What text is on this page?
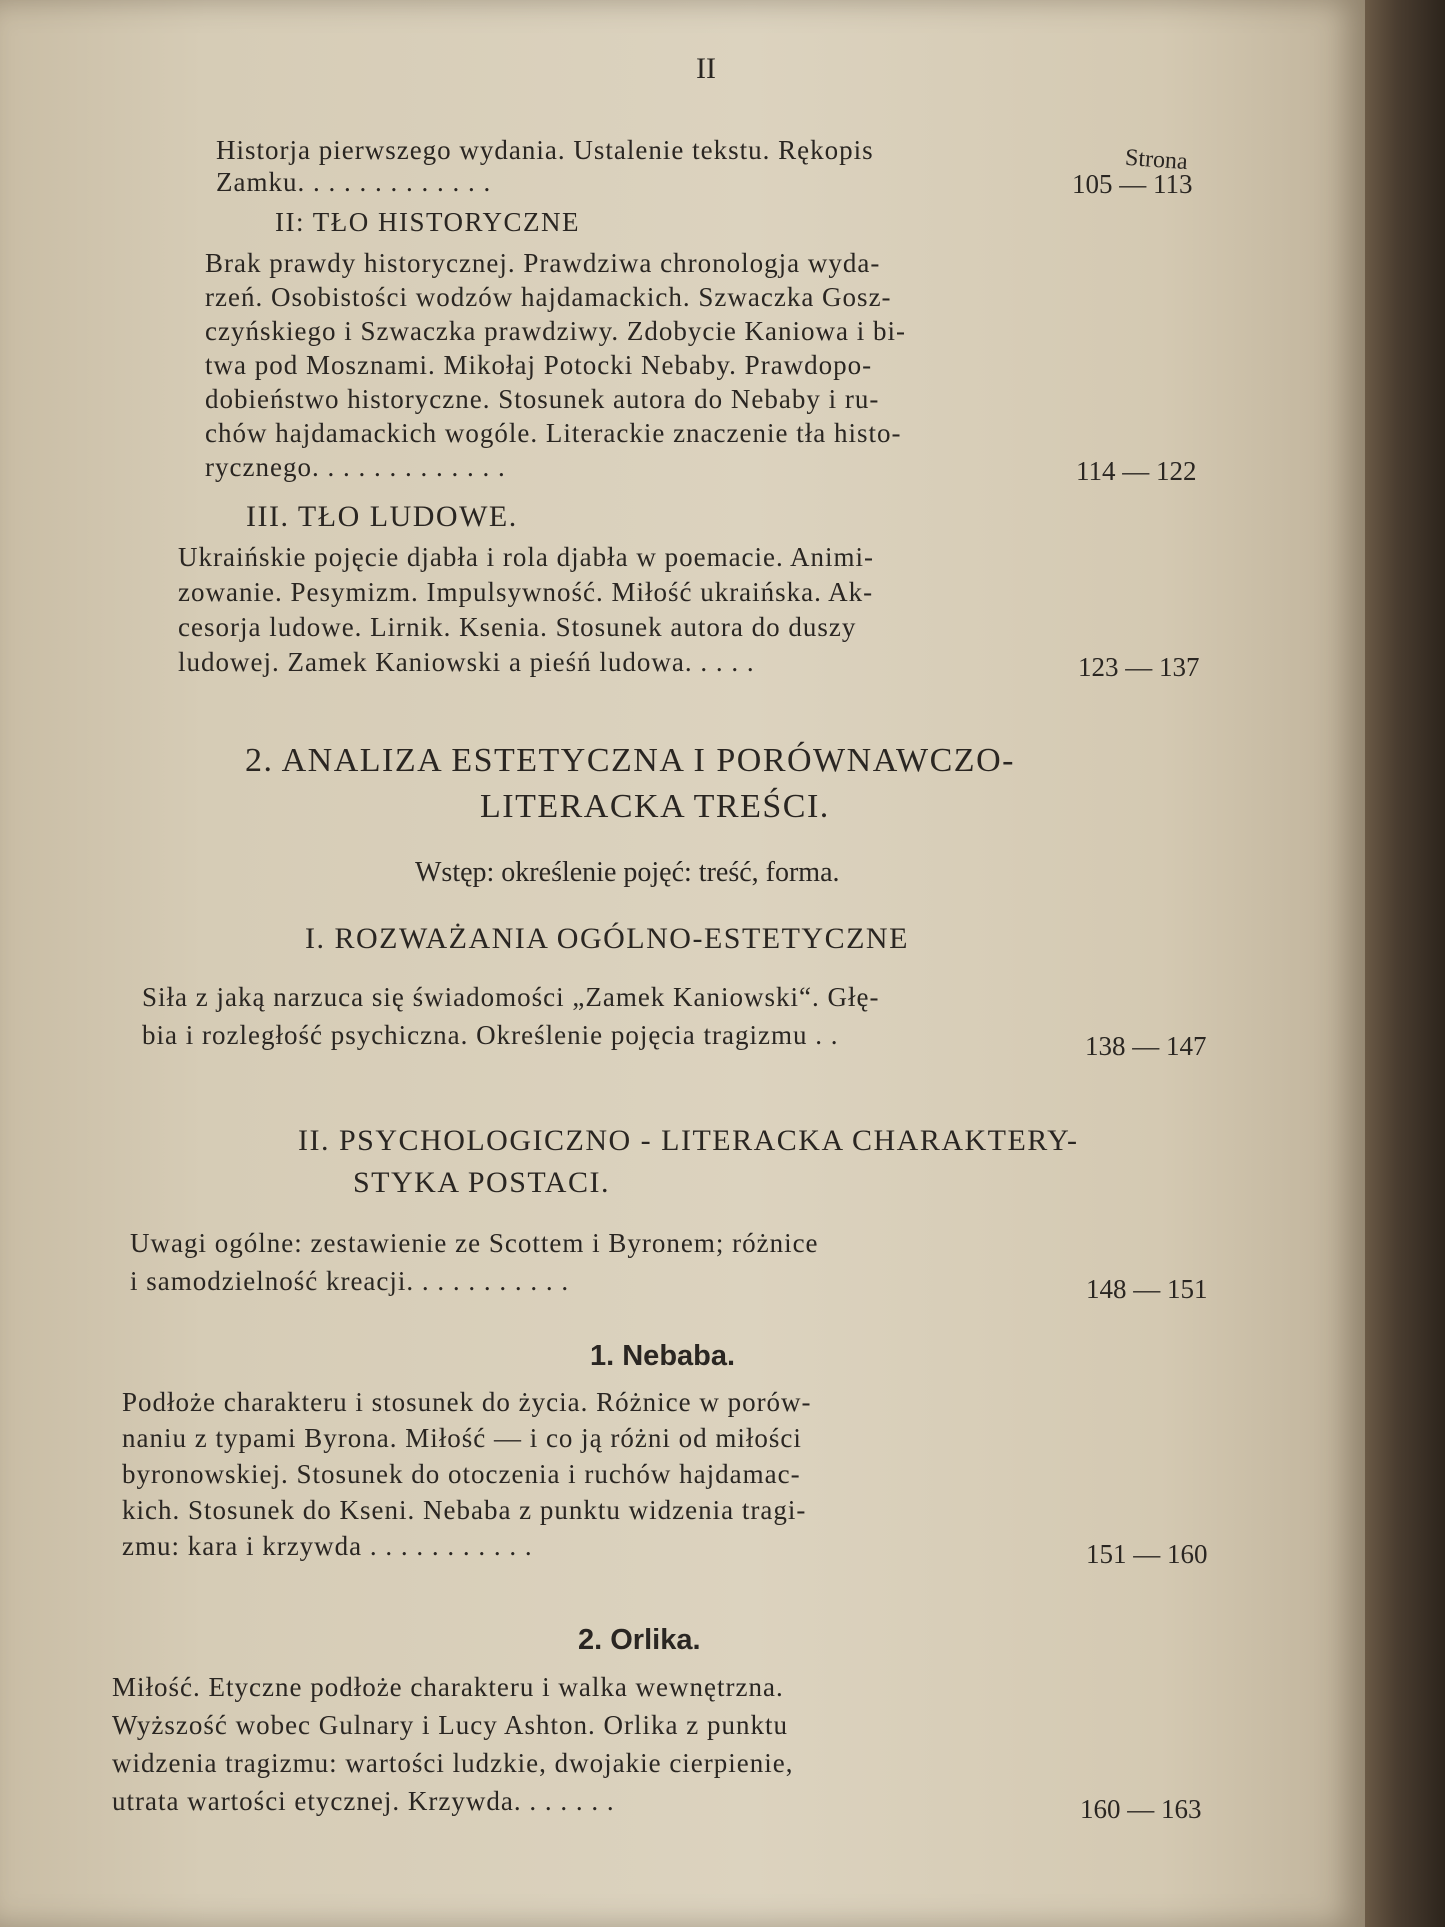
II
Strona
Historja pierwszego wydania. Ustalenie tekstu. Rękopis
Zamku. . . . . . . . . . . . .	105 — 113
II: TŁO HISTORYCZNE
Brak prawdy historycznej. Prawdziwa chronologja wyda-
rzeń. Osobistości wodzów hajdamackich. Szwaczka Gosz-
czyńskiego i Szwaczka prawdziwy. Zdobycie Kaniowa i bi-
twa pod Mosznami. Mikołaj Potocki Nebaby. Prawdopo-
dobieństwo historyczne. Stosunek autora do Nebaby i ru-
chów hajdamackich wogóle. Literackie znaczenie tła histo-
rycznego. . . . . . . . . . . . .	114 — 122
III. TŁO LUDOWE.
Ukraińskie pojęcie djabła i rola djabła w poemacie. Animi-
zowanie. Pesymizm. Impulsywność. Miłość ukraińska. Ak-
cesorja ludowe. Lirnik. Ksenia. Stosunek autora do duszy
ludowej. Zamek Kaniowski a pieśń ludowa. . . . .	123 — 137
2. ANALIZA ESTETYCZNA I PORÓWNAWCZO-
LITERACKA TREŚCI.
Wstęp: określenie pojęć: treść, forma.
I. ROZWAŻANIA OGÓLNO-ESTETYCZNE
Siła z jaką narzuca się świadomości „Zamek Kaniowski“. Głę-
bia i rozległość psychiczna. Określenie pojęcia tragizmu . .	138 — 147
II. PSYCHOLOGICZNO - LITERACKA CHARAKTERY-
STYKA POSTACI.
Uwagi ogólne: zestawienie ze Scottem i Byronem; różnice
i samodzielność kreacji. . . . . . . . . . .	148 — 151
1. Nebaba.
Podłoże charakteru i stosunek do życia. Różnice w porów-
naniu z typami Byrona. Miłość — i co ją różni od miłości
byronowskiej. Stosunek do otoczenia i ruchów hajdamac-
kich. Stosunek do Kseni. Nebaba z punktu widzenia tragi-
zmu: kara i krzywda . . . . . . . . . . .	151 — 160
2. Orlika.
Miłość. Etyczne podłoże charakteru i walka wewnętrzna.
Wyższość wobec Gulnary i Lucy Ashton. Orlika z punktu
widzenia tragizmu: wartości ludzkie, dwojakie cierpienie,
utrata wartości etycznej. Krzywda. . . . . . .	160 — 163
